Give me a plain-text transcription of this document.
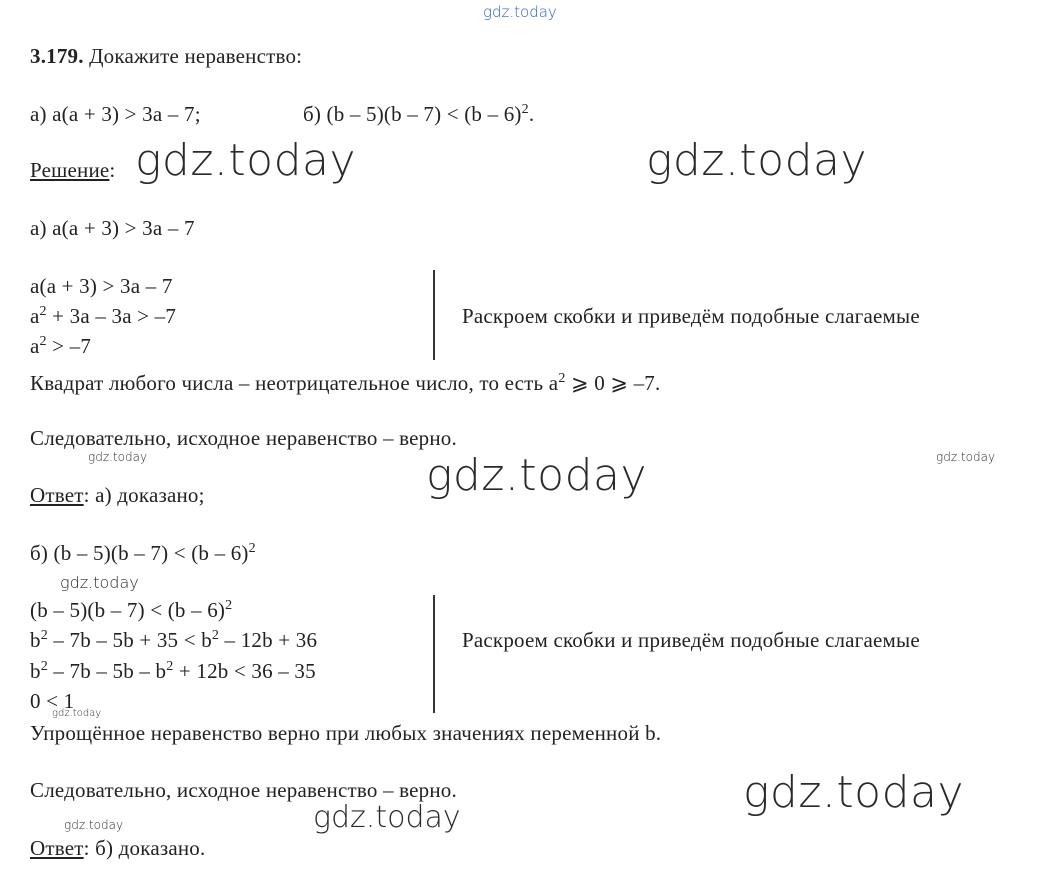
gdz.today
gdz.today	gdz.today
gdz.today	gdz.today	gdz.today
gdz.today
gdz.today
gdz.today
gdz.today	gdz.today
3.179. Докажите неравенство:
а) a(a + 3) > 3a – 7;	б) (b – 5)(b – 7) < (b – 6)$^2$.
Решение:
а) a(a + 3) > 3a – 7
a(a + 3) > 3a – 7
$a^2 + 3a - 3a > -7$
$a^2 > -7$
Раскроем скобки и приведём подобные слагаемые
Квадрат любого числа – неотрицательное число, то есть $a^2$ ⩾ 0 ⩾ –7.
Следовательно, исходное неравенство – верно.
Ответ: а) доказано;
б) (b – 5)(b – 7) < (b – 6)$^2$
(b – 5)(b – 7) < (b – 6)$^2$
$b^2 - 7b - 5b + 35 < b^2 - 12b + 36$
$b^2 - 7b - 5b - b^2 + 12b < 36 - 35$
0 < 1
Раскроем скобки и приведём подобные слагаемые
Упрощённое неравенство верно при любых значениях переменной b.
Следовательно, исходное неравенство – верно.
Ответ: б) доказано.
